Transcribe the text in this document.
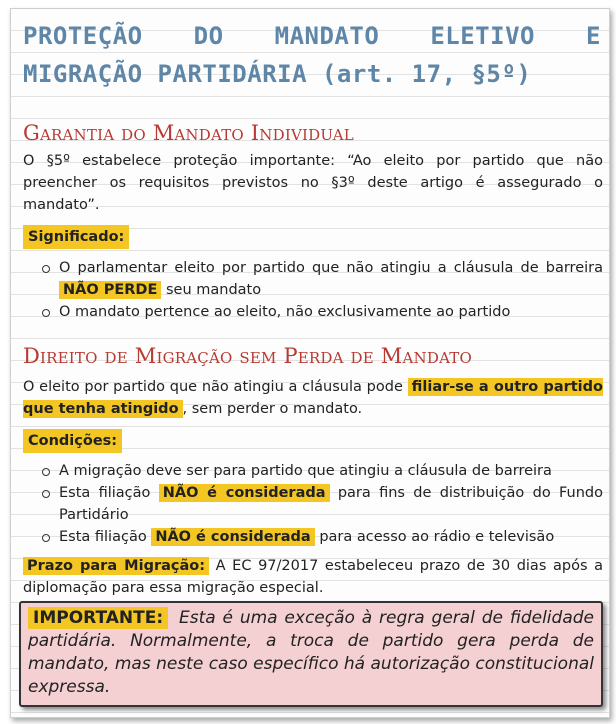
PROTEÇÃO DO MANDATO ELETIVO E
MIGRAÇÃO PARTIDÁRIA (art. 17, §5º)
Garantia do Mandato Individual
O §5º estabelece proteção importante: “Ao eleito por partido que não preencher os requisitos previstos no §3º deste artigo é assegurado o mandato”.
Significado:
O parlamentar eleito por partido que não atingiu a cláusula de barreira NÃO PERDE seu mandato
O mandato pertence ao eleito, não exclusivamente ao partido
Direito de Migração sem Perda de Mandato
O eleito por partido que não atingiu a cláusula pode filiar-se a outro partido que tenha atingido , sem perder o mandato.
Condições:
A migração deve ser para partido que atingiu a cláusula de barreira
Esta filiação NÃO é considerada para fins de distribuição do Fundo Partidário
Esta filiação NÃO é considerada para acesso ao rádio e televisão
Prazo para Migração: A EC 97/2017 estabeleceu prazo de 30 dias após a diplomação para essa migração especial.
IMPORTANTE: Esta é uma exceção à regra geral de fidelidade partidária. Normalmente, a troca de partido gera perda de mandato, mas neste caso específico há autorização constitucional expressa.
